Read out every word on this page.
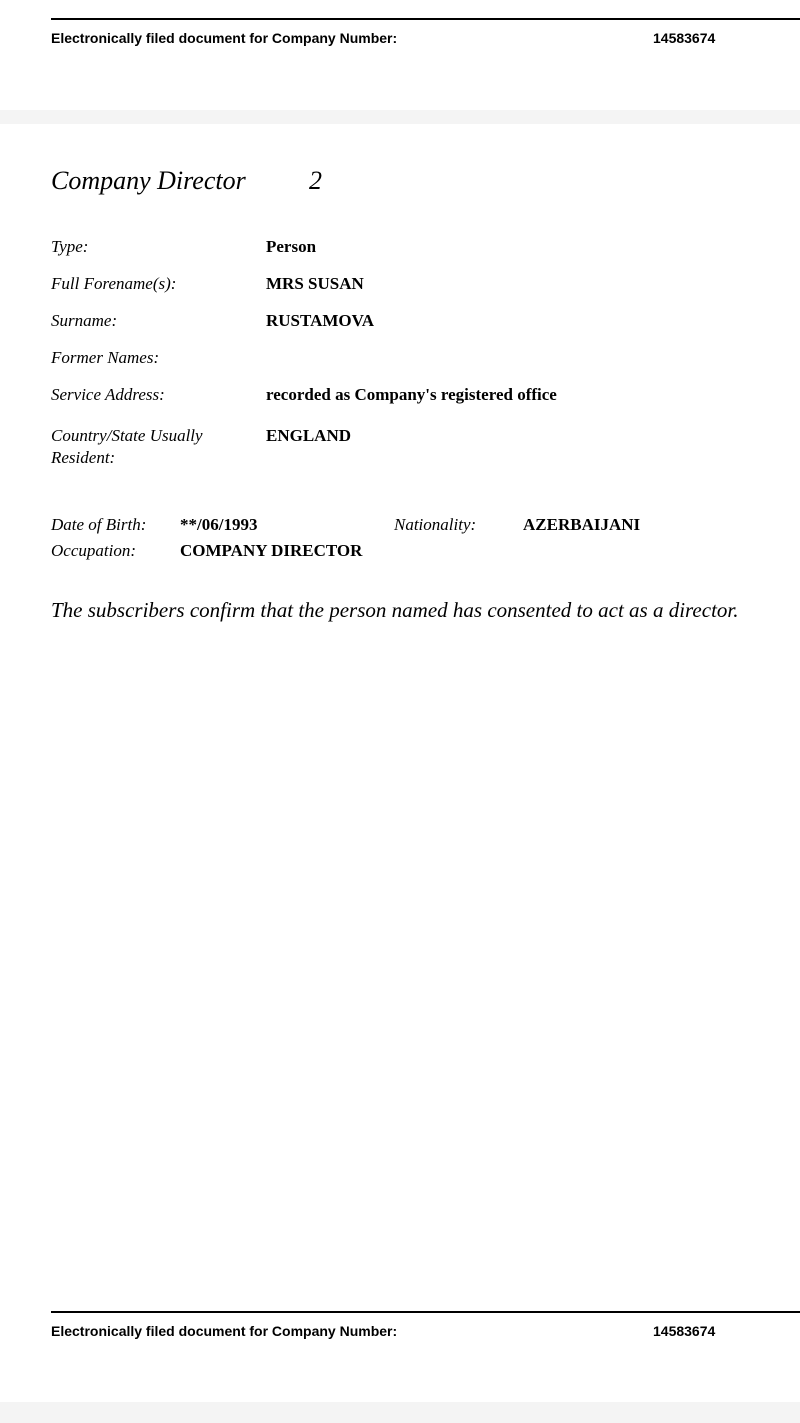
Electronically filed document for Company Number:	14583674
Company Director 2
Type:	Person
Full Forename(s):	MRS SUSAN
Surname:	RUSTAMOVA
Former Names:
Service Address:	recorded as Company's registered office
Country/State Usually
Resident:
ENGLAND
Date of Birth: **/06/1993	Nationality:	AZERBAIJANI
Occupation:	COMPANY DIRECTOR
The subscribers confirm that the person named has consented to act as a director.
Electronically filed document for Company Number:	14583674
